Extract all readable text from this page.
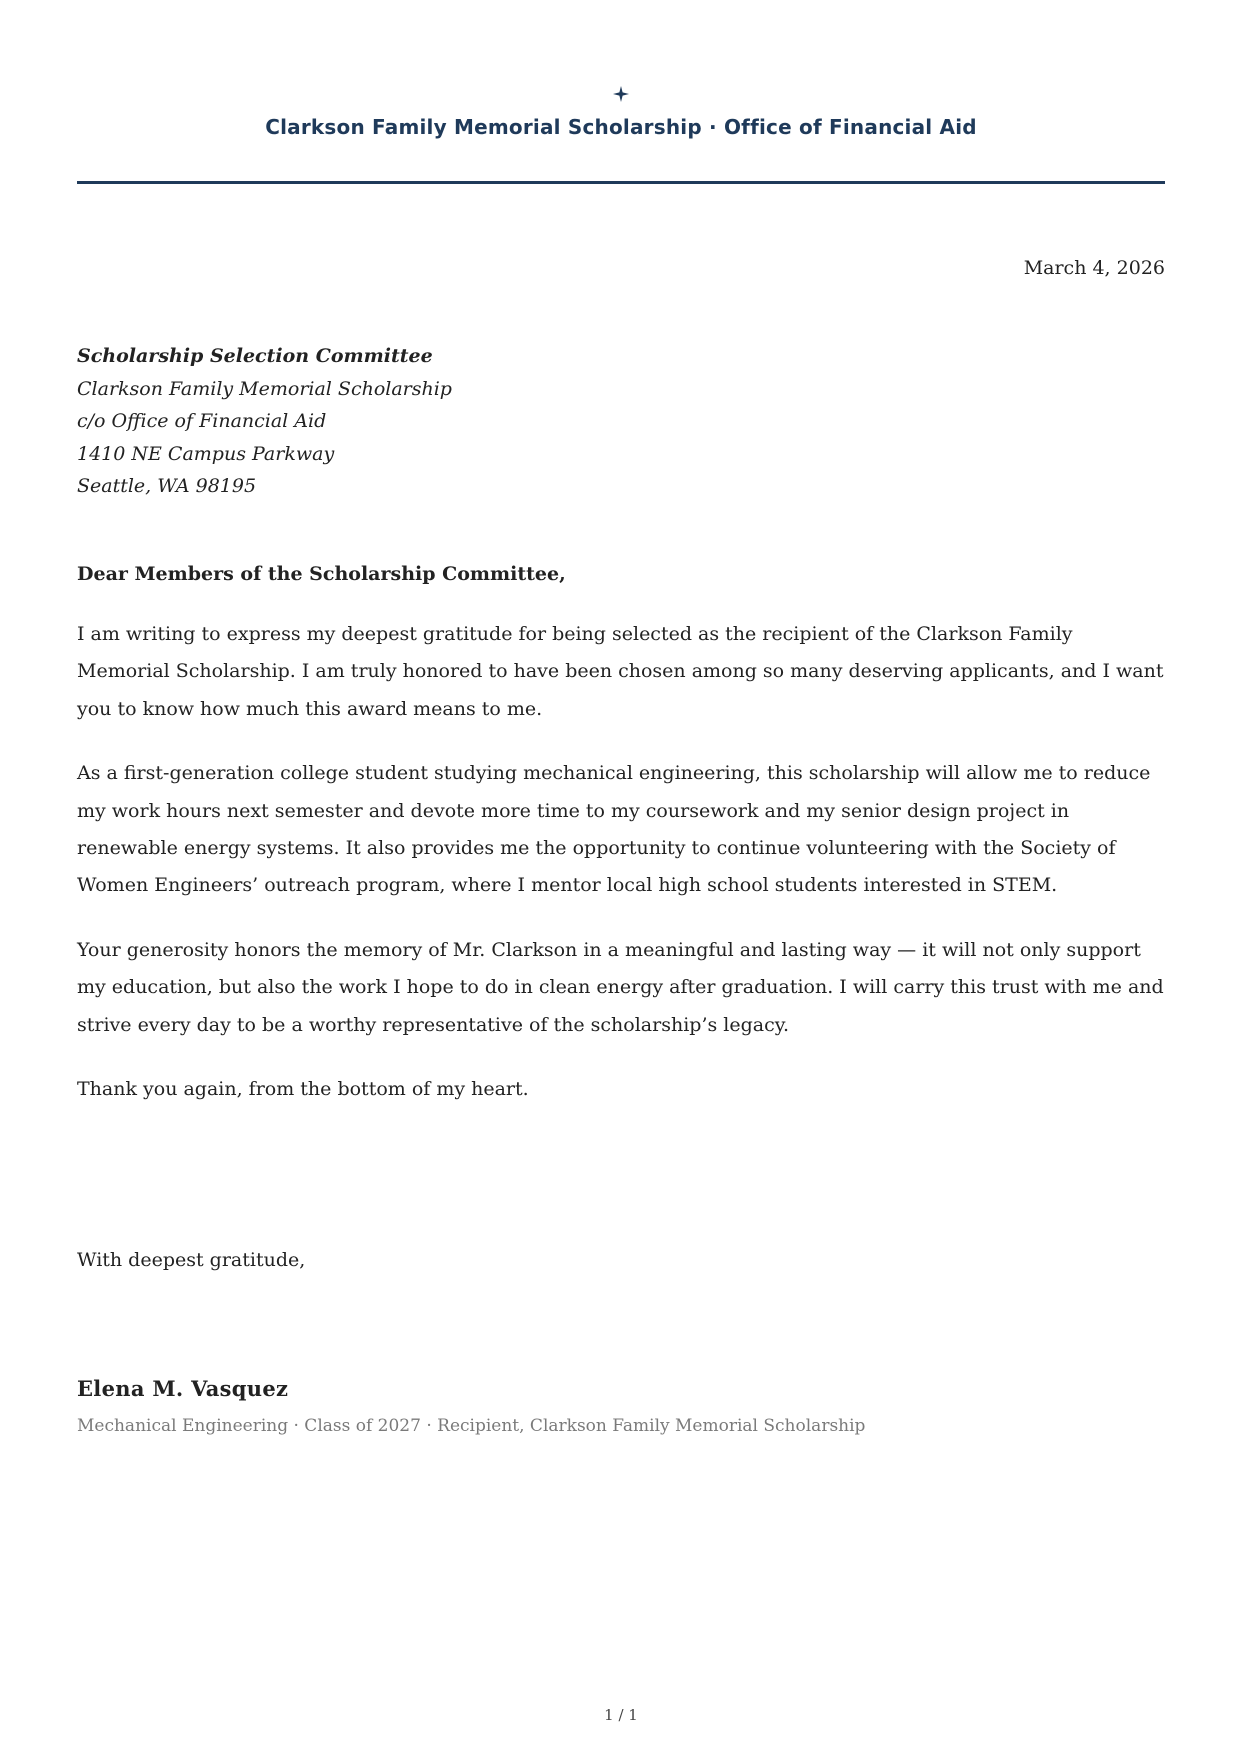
Clarkson Family Memorial Scholarship · Office of Financial Aid
March 4, 2026
Scholarship Selection Committee
Clarkson Family Memorial Scholarship
c/o Office of Financial Aid
1410 NE Campus Parkway
Seattle, WA 98195

Dear Members of the Scholarship Committee,

I am writing to express my deepest gratitude for being selected as the recipient of the Clarkson Family Memorial Scholarship. I am truly honored to have been chosen among so many deserving applicants, and I want you to know how much this award means to me.

As a first-generation college student studying mechanical engineering, this scholarship will allow me to reduce my work hours next semester and devote more time to my coursework and my senior design project in renewable energy systems. It also provides me the opportunity to continue volunteering with the Society of Women Engineers’ outreach program, where I mentor local high school students interested in STEM.

Your generosity honors the memory of Mr. Clarkson in a meaningful and lasting way — it will not only support my education, but also the work I hope to do in clean energy after graduation. I will carry this trust with me and strive every day to be a worthy representative of the scholarship’s legacy.

Thank you again, from the bottom of my heart.

With deepest gratitude,
Elena M. Vasquez
Mechanical Engineering · Class of 2027 · Recipient, Clarkson Family Memorial Scholarship
1 / 1
